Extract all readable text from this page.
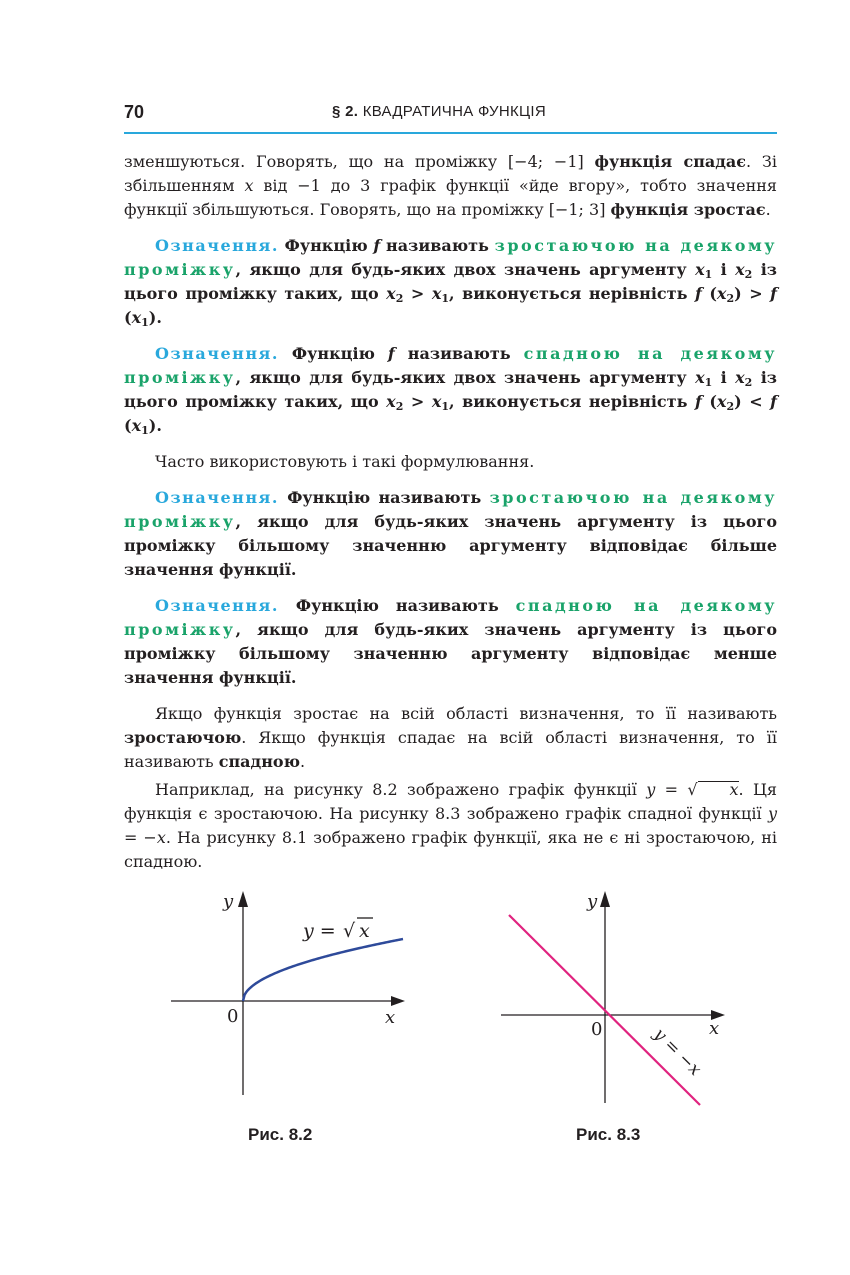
70	§ 2. КВАДРАТИЧНА ФУНКЦІЯ

зменшуються. Говорять, що на проміжку [−4; −1] функція спадає. Зі збільшенням x від −1 до 3 графік функції «йде вгору», тобто значення функції збільшуються. Говорять, що на проміжку [−1; 3] функція зростає.

Означення. Функцію f називають зростаючою на деякому проміжку, якщо для будь-яких двох значень аргументу $x_1$ і $x_2$ із цього проміжку таких, що $x_2 > x_1$, виконується нерівність f $(x_2) > f$ $(x_1)$.

Означення. Функцію f називають спадною на деякому проміжку, якщо для будь-яких двох значень аргументу $x_1$ і $x_2$ із цього проміжку таких, що $x_2 > x_1$, виконується нерівність f $(x_2) < f$ $(x_1)$.

Часто використовують і такі формулювання.

Означення. Функцію називають зростаючою на деякому проміжку, якщо для будь-яких значень аргументу із цього проміжку більшому значенню аргументу відповідає більше значення функції.

Означення. Функцію називають спадною на деякому проміжку, якщо для будь-яких значень аргументу із цього проміжку більшому значенню аргументу відповідає менше значення функції.

Якщо функція зростає на всій області визначення, то її називають зростаючою. Якщо функція спадає на всій області визначення, то її називають спадною.

Наприклад, на рисунку 8.2 зображено графік функції y = √ x. Ця функція є зростаючою. На рисунку 8.3 зображено графік спадної функції y = −x. На рисунку 8.1 зображено графік функції, яка не є ні зростаючою, ні спадною.

x
y
0
y = √ x
Рис. 8.2
x
y
0	y = −x
Рис. 8.3
